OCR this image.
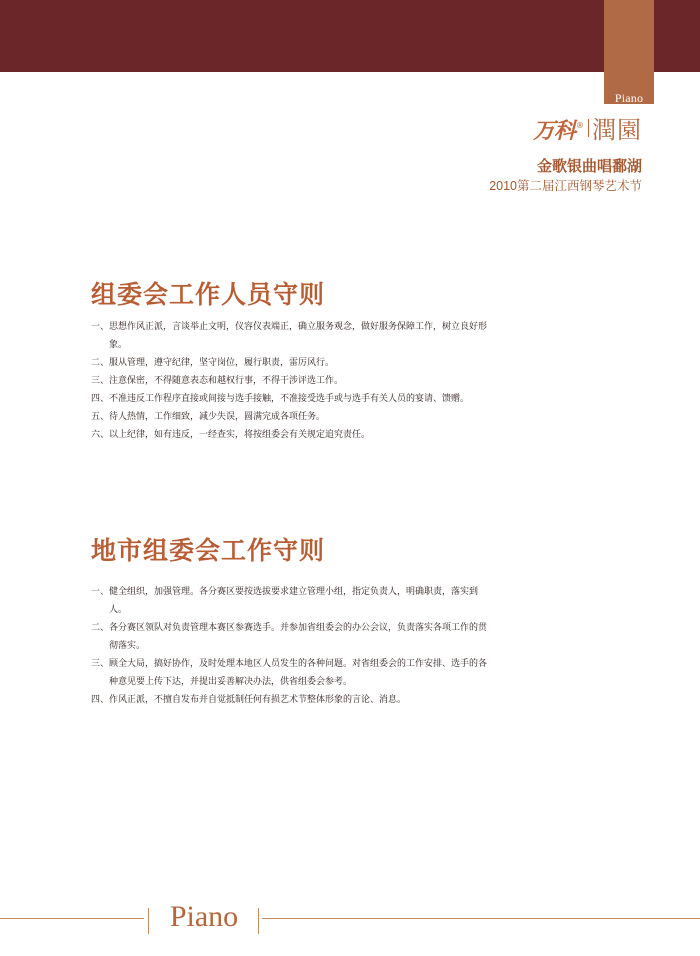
Piano
万科 ® 潤園
金歌银曲唱鄱湖
2010第二届江西钢琴艺术节
组委会工作人员守则
一、思想作风正派，言谈举止文明，仪容仪表端正，确立服务观念，做好服务保障工作，树立良好形象。
二、服从管理，遵守纪律，坚守岗位，履行职责，雷厉风行。
三、注意保密，不得随意表态和越权行事，不得干涉评选工作。
四、不准违反工作程序直接或间接与选手接触，不准接受选手或与选手有关人员的宴请、馈赠。
五、待人热情，工作细致，减少失误，圆满完成各项任务。
六、以上纪律，如有违反，一经查实，将按组委会有关规定追究责任。
地市组委会工作守则
一、健全组织，加强管理。各分赛区要按选拔要求建立管理小组，指定负责人，明确职责，落实到人。
二、各分赛区领队对负责管理本赛区参赛选手。并参加省组委会的办公会议，负责落实各项工作的贯彻落实。
三、顾全大局，搞好协作，及时处理本地区人员发生的各种问题。对省组委会的工作安排、选手的各种意见要上传下达，并提出妥善解决办法，供省组委会参考。
四、作风正派，不擅自发布并自觉抵制任何有损艺术节整体形象的言论、消息。
Piano
